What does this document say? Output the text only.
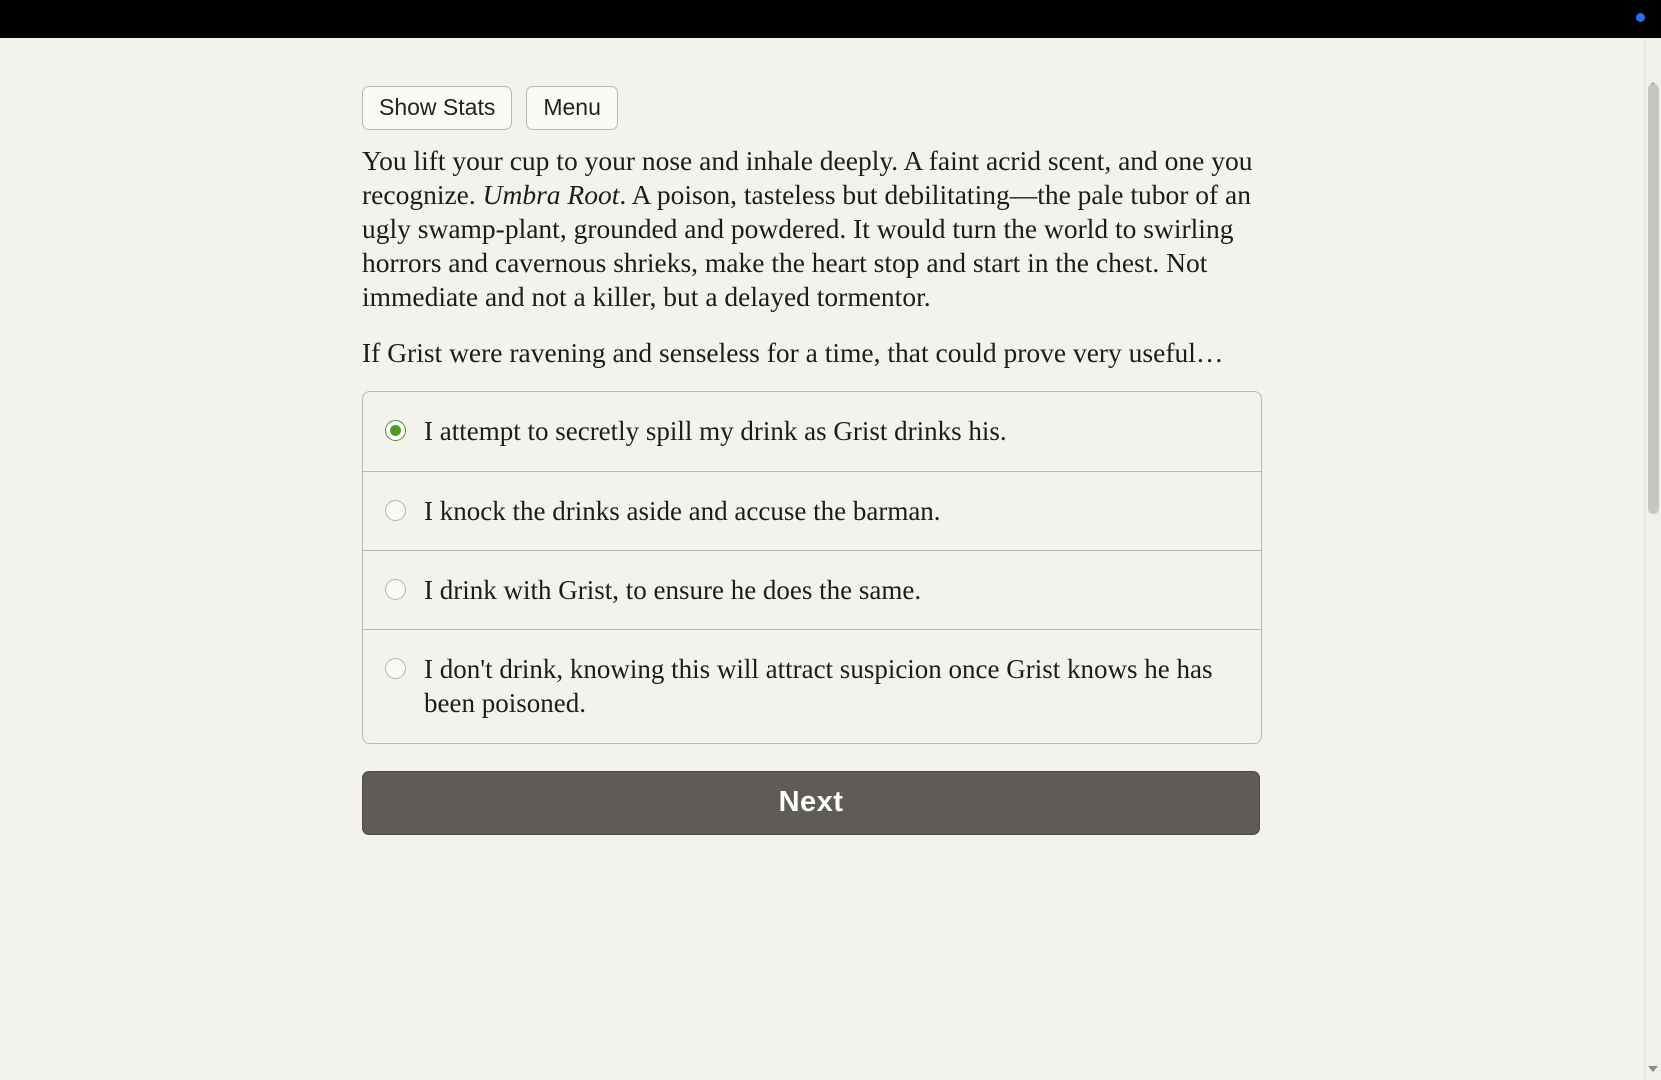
Show Stats	Menu

You lift your cup to your nose and inhale deeply. A faint acrid scent, and one you recognize. Umbra Root. A poison, tasteless but debilitating—the pale tubor of an ugly swamp-plant, grounded and powdered. It would turn the world to swirling horrors and cavernous shrieks, make the heart stop and start in the chest. Not immediate and not a killer, but a delayed tormentor.

If Grist were ravening and senseless for a time, that could prove very useful…

I attempt to secretly spill my drink as Grist drinks his.
I knock the drinks aside and accuse the barman.
I drink with Grist, to ensure he does the same.
I don't drink, knowing this will attract suspicion once Grist knows he has been poisoned.
Next
